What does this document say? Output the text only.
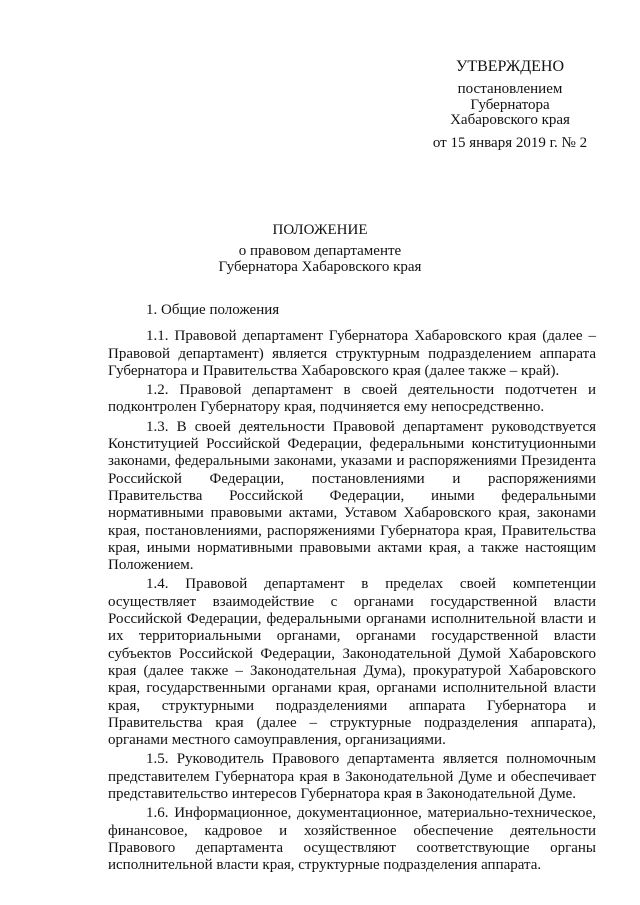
УТВЕРЖДЕНО
постановлением
Губернатора
Хабаровского края
от 15 января 2019 г. № 2
ПОЛОЖЕНИЕ
о правовом департаменте
Губернатора Хабаровского края

1. Общие положения

1.1. Правовой департамент Губернатора Хабаровского края (далее – Правовой департамент) является структурным подразделением аппарата Губернатора и Правительства Хабаровского края (далее также – край).

1.2. Правовой департамент в своей деятельности подотчетен и подконтролен Губернатору края, подчиняется ему непосредственно.

1.3. В своей деятельности Правовой департамент руководствуется Конституцией Российской Федерации, федеральными конституционными законами, федеральными законами, указами и распоряжениями Президента Российской Федерации, постановлениями и распоряжениями Правительства Российской Федерации, иными федеральными нормативными правовыми актами, Уставом Хабаровского края, законами края, постановлениями, распоряжениями Губернатора края, Правительства края, иными нормативными правовыми актами края, а также настоящим Положением.

1.4. Правовой департамент в пределах своей компетенции осуществляет взаимодействие с органами государственной власти Российской Федерации, федеральными органами исполнительной власти и их территориальными органами, органами государственной власти субъектов Российской Федерации, Законодательной Думой Хабаровского края (далее также – Законодательная Дума), прокуратурой Хабаровского края, государственными органами края, органами исполнительной власти края, структурными подразделениями аппарата Губернатора и Правительства края (далее – структурные подразделения аппарата), органами местного самоуправления, организациями.

1.5. Руководитель Правового департамента является полномочным представителем Губернатора края в Законодательной Думе и обеспечивает представительство интересов Губернатора края в Законодательной Думе.

1.6. Информационное, документационное, материально-техническое, финансовое, кадровое и хозяйственное обеспечение деятельности Правового департамента осуществляют соответствующие органы исполнительной власти края, структурные подразделения аппарата.
